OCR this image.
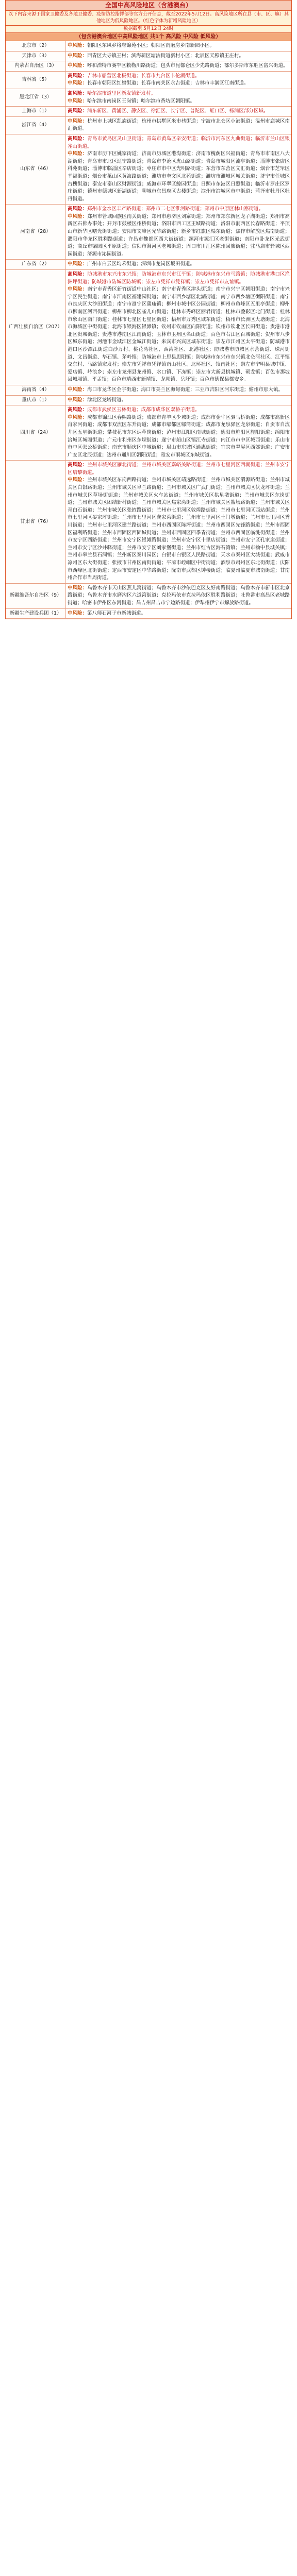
全国中高风险地区（含港澳台）
以下内容来源于国家卫健委及各地卫健委、疫情防控指挥部等官方公开信息，截至2022年5月12日。高风险地区所在县（市、区、旗）其他地区为低风险地区。（红色字体为新增风险地区）
数据截至 5月12日 24时
（包含港澳台地区中高风险地区 共1个 高风险 中风险 低风险）
北京市（2）	中风险：朝阳区东风乡将府锦苑小区；朝阳区南磨房乡南新园小区。
天津市（3）	中风险：西青区大寺镇王村；滨海新区塘沽街道新村小区；北辰区天穆镇王庄村。
内蒙古自治区（3）	中风险：呼和浩特市赛罕区敕勒川路街道；包头市昆都仑区少先路街道；鄂尔多斯市东胜区富兴街道。
吉林省（5）	高风险：吉林市船营区北极街道；长春市九台区卡伦湖街道。
中风险：长春市朝阳区红旗街道；长春市南关区永吉街道；吉林市丰满区江南街道。
黑龙江省（3）	高风险：哈尔滨市道里区新发镇新发村。
中风险：哈尔滨市南岗区王岗镇；哈尔滨市香坊区朝阳镇。
上海市（1）	高风险：浦东新区、黄浦区、静安区、徐汇区、长宁区、普陀区、虹口区、杨浦区部分区域。
浙江省（4）	中风险：杭州市上城区凯旋街道；杭州市拱墅区米市巷街道；宁波市北仑区小港街道；温州市鹿城区南汇街道。
山东省（46）	高风险：青岛市黄岛区灵山卫街道；青岛市黄岛区辛安街道；临沂市河东区九曲街道；临沂市兰山区银雀山街道。
中风险：济南市历下区姚家街道；济南市历城区港沟街道；济南市槐荫区兴福街道；青岛市市南区八大湖街道；青岛市市北区辽宁路街道；青岛市李沧区虎山路街道；青岛市城阳区流亭街道；淄博市张店区科苑街道；淄博市临淄区辛店街道；枣庄市市中区光明路街道；东营市东营区文汇街道；烟台市芝罘区幸福街道；烟台市莱山区黄海路街道；潍坊市奎文区北苑街道；潍坊市潍城区城关街道；济宁市任城区古槐街道；泰安市泰山区财源街道；威海市环翠区鲸园街道；日照市东港区日照街道；临沂市罗庄区罗庄街道；德州市德城区新湖街道；聊城市东昌府区古楼街道；滨州市滨城区市中街道；菏泽市牡丹区牡丹街道。
河南省（28）	高风险：郑州市金水区丰产路街道；郑州市二七区淮河路街道；郑州市中原区林山寨街道。
中风险：郑州市管城回族区南关街道；郑州市惠济区刘寨街道；郑州市郑东新区龙子湖街道；郑州市高新区石佛办事处；开封市鼓楼区州桥街道；洛阳市西工区王城路街道；洛阳市涧西区长春路街道；平顶山市新华区曙光街街道；安阳市文峰区光华路街道；新乡市红旗区渠东街道；焦作市解放区焦南街道；濮阳市华龙区胜利路街道；许昌市魏都区西大街街道；漯河市源汇区老街街道；南阳市卧龙区光武街道；商丘市梁园区平原街道；信阳市浉河区老城街道；周口市川汇区陈州回族街道；驻马店市驿城区西园街道；济源市沁园街道。
广东省（2）	中风险：广州市白云区均禾街道；深圳市龙岗区坂田街道。
广西壮族自治区（207）	高风险：防城港市东兴市东兴镇；防城港市东兴市江平镇；防城港市东兴市马路镇；防城港市港口区渔洲坪街道；防城港市防城区防城镇；崇左市凭祥市凭祥镇；崇左市凭祥市友谊镇。
中风险：南宁市青秀区新竹街道中山社区；南宁市青秀区津头街道；南宁市兴宁区朝阳街道；南宁市兴宁区民生街道；南宁市江南区福建园街道；南宁市西乡塘区北湖街道；南宁市西乡塘区衡阳街道；南宁市良庆区大沙田街道；南宁市邕宁区蒲庙镇；柳州市城中区公园街道；柳州市鱼峰区五里亭街道；柳州市柳南区河西街道；柳州市柳北区雀儿山街道；桂林市秀峰区丽君街道；桂林市叠彩区北门街道；桂林市象山区南门街道；桂林市七星区七星区街道；梧州市万秀区城东街道；梧州市长洲区大塘街道；北海市海城区中街街道；北海市银海区银滩镇；钦州市钦南区向阳街道；钦州市钦北区长田街道；贵港市港北区贵城街道；贵港市港南区江南街道；玉林市玉州区名山街道；百色市右江区百城街道；贺州市八步区城东街道；河池市金城江区金城江街道；来宾市兴宾区城东街道；崇左市江州区太平街道；防城港市港口区沙潭江街道白沙万村、桃花湾社区、西湾社区、北港社区；防城港市防城区水营街道、珠河街道、文昌街道、华石镇、茅岭镇；防城港市上思县思阳镇；防城港市东兴市东兴镇北仑河社区、江平镇交东村、马路镇宏发村；崇左市凭祥市凭祥镇南山社区、北环社区、镇南社区；崇左市宁明县城中镇、爱店镇、峙浪乡；崇左市龙州县龙州镇、水口镇、下冻镇；崇左市大新县桃城镇、硕龙镇；百色市那坡县城厢镇、平孟镇；百色市靖西市新靖镇、龙邦镇、岳圩镇；百色市德保县都安乡。
海南省（4）	中风险：海口市龙华区金宇街道；海口市美兰区海甸街道；三亚市吉阳区河东街道；儋州市那大镇。
重庆市（1）	中风险：渝北区龙塔街道。
四川省（24）	高风险：成都市武侯区玉林街道；成都市成华区双桥子街道。
中风险：成都市锦江区春熙路街道；成都市青羊区少城街道；成都市金牛区驷马桥街道；成都市高新区肖家河街道；成都市双流区东升街道；成都市郫都区郫筒街道；成都市龙泉驿区龙泉街道；自贡市自流井区五星街街道；攀枝花市东区炳草岗街道；泸州市江阳区南城街道；德阳市旌阳区旌阳街道；绵阳市涪城区城厢街道；广元市利州区东坝街道；遂宁市船山区镇江寺街道；内江市市中区城西街道；乐山市市中区张公桥街道；南充市顺庆区中城街道；眉山市东坡区通惠街道；宜宾市翠屏区西郊街道；广安市广安区北辰街道；达州市通川区朝阳街道；雅安市雨城区东城街道。
甘肃省（76）	高风险：兰州市城关区雁北街道；兰州市城关区嘉峪关路街道；兰州市七里河区西湖街道；兰州市安宁区培黎街道。
中风险：兰州市城关区东岗西路街道；兰州市城关区靖远路街道；兰州市城关区渭源路街道；兰州市城关区白银路街道；兰州市城关区皋兰路街道；兰州市城关区广武门街道；兰州市城关区伏龙坪街道；兰州市城关区草场街街道；兰州市城关区火车站街道；兰州市城关区拱星墩街道；兰州市城关区东岗街道；兰州市城关区团结新村街道；兰州市城关区焦家湾街道；兰州市城关区盐场路街道；兰州市城关区青白石街道；兰州市城关区张掖路街道；兰州市七里河区敦煌路街道；兰州市七里河区西站街道；兰州市七里河区晏家坪街道；兰州市七里河区龚家湾街道；兰州市七里河区土门墩街道；兰州市七里河区秀川街道；兰州市七里河区建兰路街道；兰州市西固区陈坪街道；兰州市西固区先锋路街道；兰州市西固区福利路街道；兰州市西固区西固城街道；兰州市西固区四季青街道；兰州市西固区临洮街街道；兰州市安宁区西路街道；兰州市安宁区银滩路街道；兰州市安宁区十里店街道；兰州市安宁区孔家崖街道；兰州市安宁区沙井驿街道；兰州市安宁区刘家堡街道；兰州市红古区海石湾镇；兰州市榆中县城关镇；兰州市皋兰县石洞镇；兰州新区秦川园区；白银市白银区人民路街道；天水市秦州区大城街道；武威市凉州区东大街街道；张掖市甘州区南街街道；平凉市崆峒区中街街道；酒泉市肃州区东北街街道；庆阳市西峰区北街街道；定西市安定区中华路街道；陇南市武都区钟楼街道；临夏州临夏市城南街道；甘南州合作市当周街道。
新疆维吾尔自治区（9）	中风险：乌鲁木齐市天山区燕儿窝街道；乌鲁木齐市沙依巴克区友好南路街道；乌鲁木齐市新市区北京路街道；乌鲁木齐市水磨沟区六道湾街道；克拉玛依市克拉玛依区胜利路街道；吐鲁番市高昌区老城路街道；哈密市伊州区东河街道；昌吉州昌吉市宁边路街道；伊犁州伊宁市解放路街道。
新疆生产建设兵团（1）	中风险：第八师石河子市新城街道。
